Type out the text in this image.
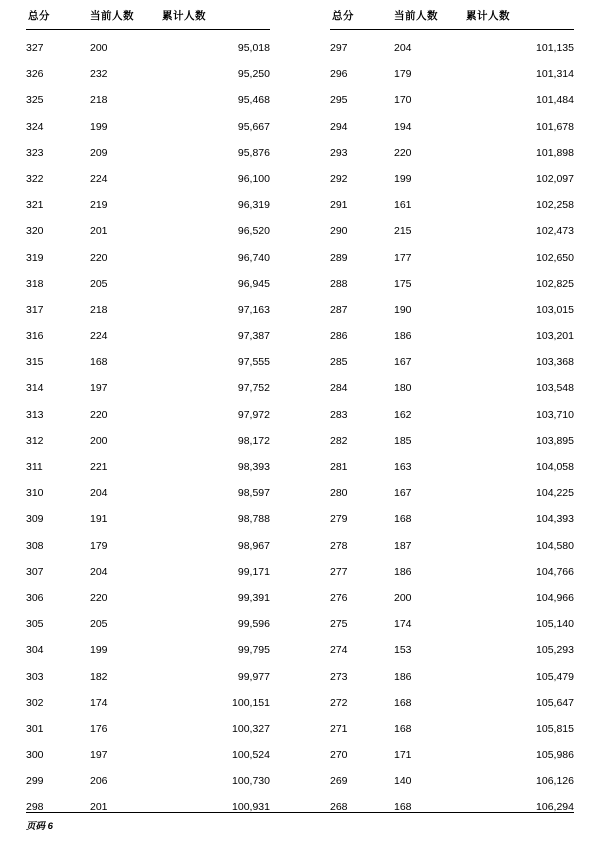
总分	当前人数	累计人数
327	200	95,018
326	232	95,250
325	218	95,468
324	199	95,667
323	209	95,876
322	224	96,100
321	219	96,319
320	201	96,520
319	220	96,740
318	205	96,945
317	218	97,163
316	224	97,387
315	168	97,555
314	197	97,752
313	220	97,972
312	200	98,172
311	221	98,393
310	204	98,597
309	191	98,788
308	179	98,967
307	204	99,171
306	220	99,391
305	205	99,596
304	199	99,795
303	182	99,977
302	174	100,151
301	176	100,327
300	197	100,524
299	206	100,730
298	201	100,931
总分	当前人数	累计人数
297	204	101,135
296	179	101,314
295	170	101,484
294	194	101,678
293	220	101,898
292	199	102,097
291	161	102,258
290	215	102,473
289	177	102,650
288	175	102,825
287	190	103,015
286	186	103,201
285	167	103,368
284	180	103,548
283	162	103,710
282	185	103,895
281	163	104,058
280	167	104,225
279	168	104,393
278	187	104,580
277	186	104,766
276	200	104,966
275	174	105,140
274	153	105,293
273	186	105,479
272	168	105,647
271	168	105,815
270	171	105,986
269	140	106,126
268	168	106,294
页码 6
